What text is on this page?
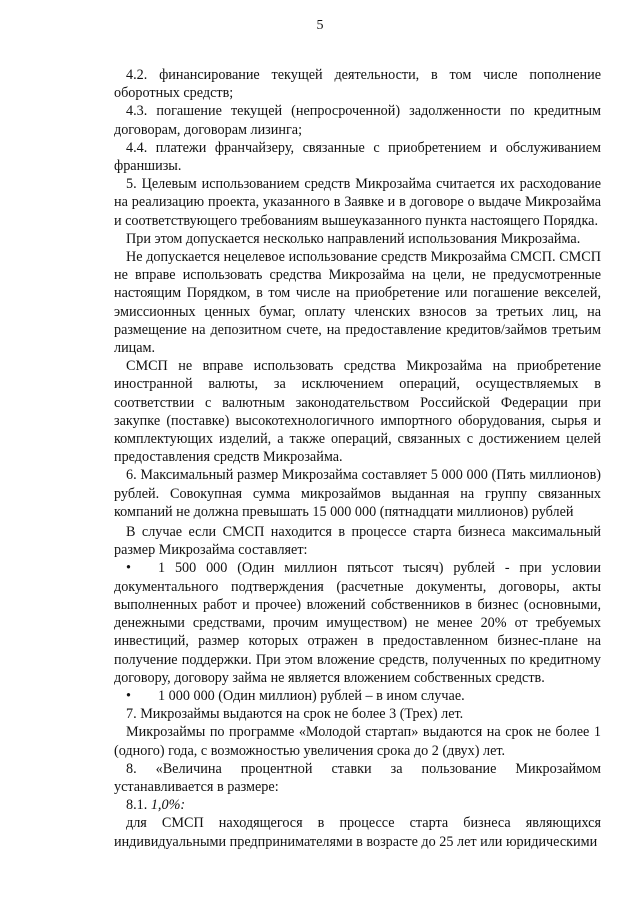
5

4.2. финансирование текущей деятельности, в том числе пополнение оборотных средств;

4.3. погашение текущей (непросроченной) задолженности по кредитным договорам, договорам лизинга;

4.4. платежи франчайзеру, связанные с приобретением и обслуживанием франшизы.

5. Целевым использованием средств Микрозайма считается их расходование на реализацию проекта, указанного в Заявке и в договоре о выдаче Микрозайма и соответствующего требованиям вышеуказанного пункта настоящего Порядка.

При этом допускается несколько направлений использования Микрозайма.

Не допускается нецелевое использование средств Микрозайма СМСП. СМСП не вправе использовать средства Микрозайма на цели, не предусмотренные настоящим Порядком, в том числе на приобретение или погашение векселей, эмиссионных ценных бумаг, оплату членских взносов за третьих лиц, на размещение на депозитном счете, на предоставление кредитов/займов третьим лицам.

СМСП не вправе использовать средства Микрозайма на приобретение иностранной валюты, за исключением операций, осуществляемых в соответствии с валютным законодательством Российской Федерации при закупке (поставке) высокотехнологичного импортного оборудования, сырья и комплектующих изделий, а также операций, связанных с достижением целей предоставления средств Микрозайма.

6. Максимальный размер Микрозайма составляет 5 000 000 (Пять миллионов) рублей. Совокупная сумма микрозаймов выданная на группу связанных компаний не должна превышать 15 000 000 (пятнадцати миллионов) рублей

В случае если СМСП находится в процессе старта бизнеса максимальный размер Микрозайма составляет:

• 1 500 000 (Один миллион пятьсот тысяч) рублей - при условии документального подтверждения (расчетные документы, договоры, акты выполненных работ и прочее) вложений собственников в бизнес (основными, денежными средствами, прочим имуществом) не менее 20% от требуемых инвестиций, размер которых отражен в предоставленном бизнес-плане на получение поддержки. При этом вложение средств, полученных по кредитному договору, договору займа не является вложением собственных средств.

• 1 000 000 (Один миллион) рублей – в ином случае.

7. Микрозаймы выдаются на срок не более 3 (Трех) лет.

Микрозаймы по программе «Молодой стартап» выдаются на срок не более 1 (одного) года, с возможностью увеличения срока до 2 (двух) лет.

8. «Величина процентной ставки за пользование Микрозаймом устанавливается в размере:

8.1. 1,0%:

для СМСП находящегося в процессе старта бизнеса являющихся индивидуальными предпринимателями в возрасте до 25 лет или юридическими
